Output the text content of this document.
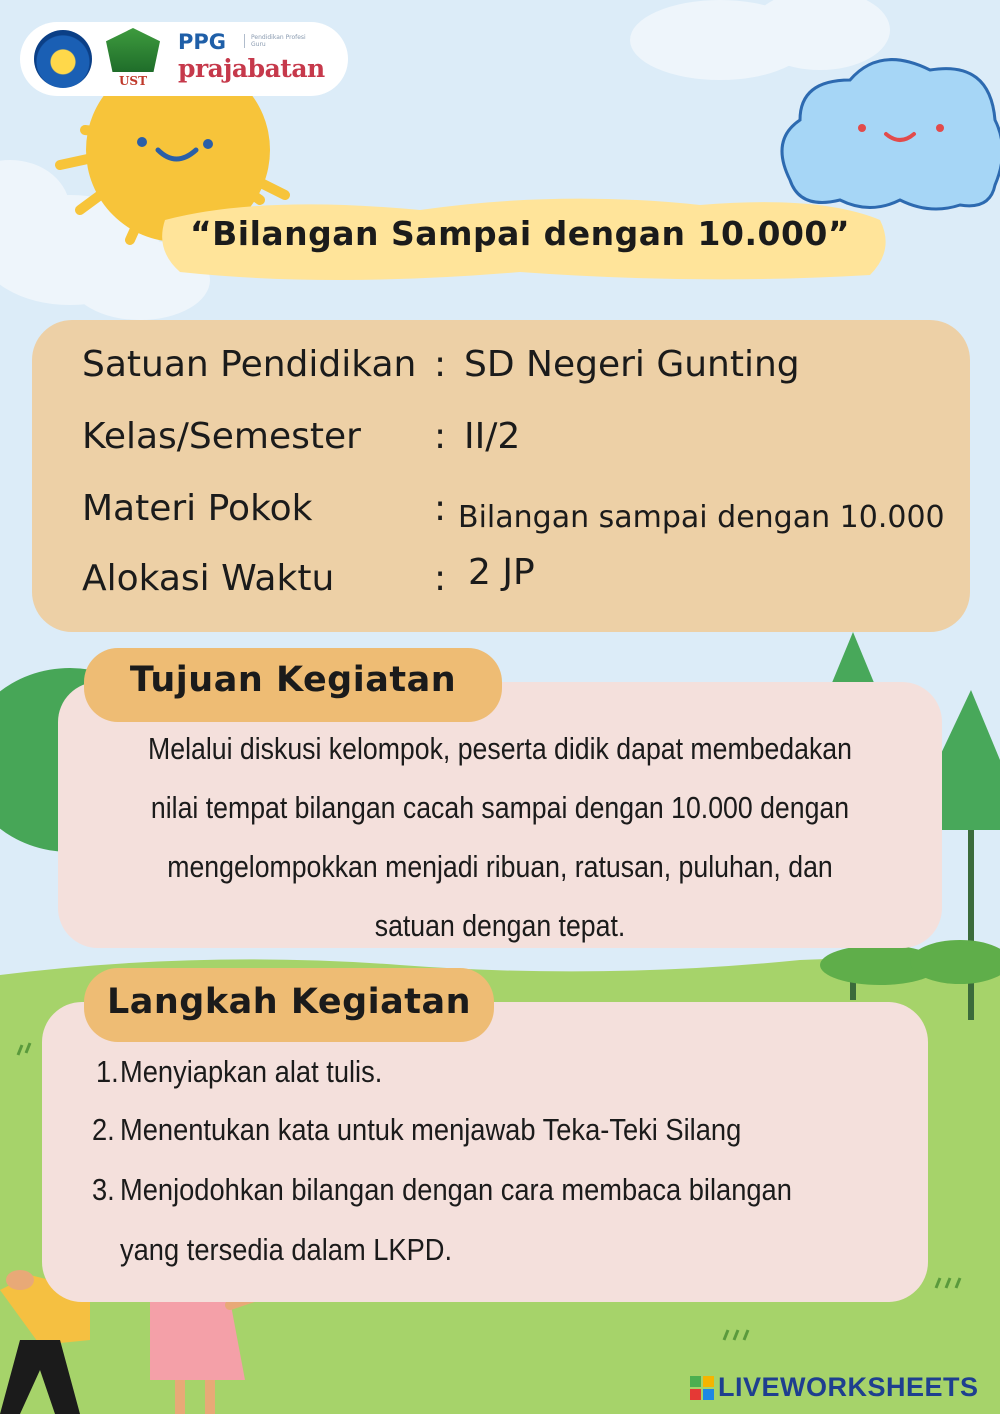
UST
PPG	Pendidikan Profesi Guru
prajabatan
“Bilangan Sampai dengan 10.000”
Satuan Pendidikan : SD Negeri Gunting
Kelas/Semester : II/2
Materi Pokok	: Bilangan sampai dengan 10.000
Alokasi Waktu	: 2 JP
Tujuan Kegiatan
Melalui diskusi kelompok, peserta didik dapat membedakan
nilai tempat bilangan cacah sampai dengan 10.000 dengan
mengelompokkan menjadi ribuan, ratusan, puluhan, dan
satuan dengan tepat.
Langkah Kegiatan
1. Menyiapkan alat tulis.
2. Menentukan kata untuk menjawab Teka-Teki Silang
3. Menjodohkan bilangan dengan cara membaca bilangan
yang tersedia dalam LKPD.
LIVEWORKSHEETS
